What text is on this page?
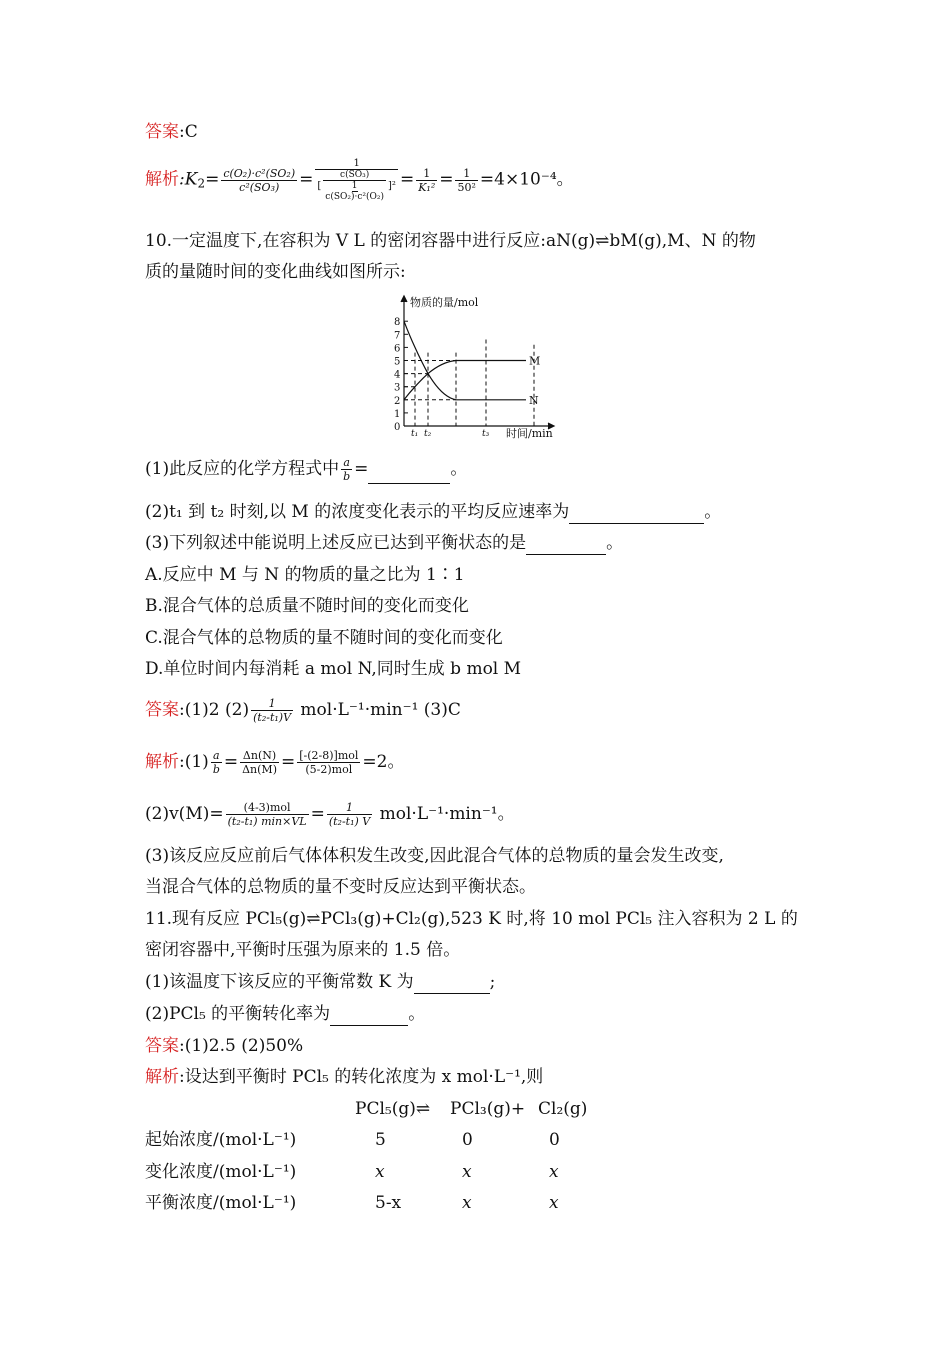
答案:C
解析$:K_2= \frac{\text{c(O₂)·c²(SO₂)}}{\text{c²(SO₃)}}$ =
1
[
c(SO₃)
1
c(SO₂)·c²(O₂)
]$^2 = \frac{1}{\text{K₁²}} = \frac{1}{\text{50²}} =4\times 10^{-4}$。
10.一定温度下,在容积为 V L 的密闭容器中进行反应:aN(g)⇌bM(g),M、N 的物
质的量随时间的变化曲线如图所示:
物质的量/mol
时间/min
0
1
2
3
4
5
6
7
8
t₁ t₂	t₃
M
N
(1)此反应的化学方程式中 $\frac{a}{b}$ =	。
(2)t₁ 到 t₂ 时刻,以 M 的浓度变化表示的平均反应速率为	。
(3)下列叙述中能说明上述反应已达到平衡状态的是	。
A.反应中 M 与 N 的物质的量之比为 1∶1
B.混合气体的总质量不随时间的变化而变化
C.混合气体的总物质的量不随时间的变化而变化
D.单位时间内每消耗 a mol N,同时生成 b mol M
答案:(1)2 $(2) \frac{1}{\text{(t₂-t₁)V}} mol\cdot L^{-1}\cdot\min^{-1}$ (3)C
解析:(1) $\frac{a}{b} = \frac{\Delta n(N)}{\Delta n(M)} = \frac{\text{[-(2-8)]mol}}{\text{(5-2)mol}} =2$。
$(2)v(M)= \frac{\text{(4-3)mol}}{\text{(t₂-t₁) min×VL}} = \frac{1}{\text{(t₂-t₁) V}} mol\cdot L^{-1}\cdot\min^{-1}$。
(3)该反应反应前后气体体积发生改变,因此混合气体的总物质的量会发生改变,
当混合气体的总物质的量不变时反应达到平衡状态。
11.现有反应 PCl₅(g)⇌PCl₃(g)+Cl₂(g),523 K 时,将 10 mol PCl₅ 注入容积为 2 L 的
密闭容器中,平衡时压强为原来的 1.5 倍。
(1)该温度下该反应的平衡常数 K 为	;
(2)PCl₅ 的平衡转化率为	。
答案:(1)2.5 (2)50%
解析:设达到平衡时 PCl₅ 的转化浓度为 x mol·L⁻¹,则
PCl₅(g)⇌ PCl₃(g)+ Cl₂(g)
起始浓度/(mol·L⁻¹)	5	0	0
变化浓度/(mol·L⁻¹)	x	x	x
平衡浓度/(mol·L⁻¹)	5-x	x	x
